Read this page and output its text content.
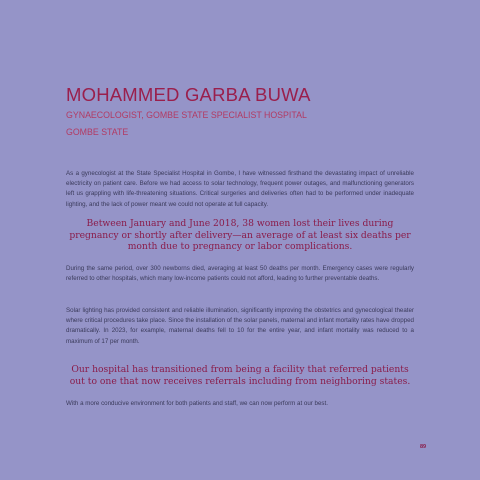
MOHAMMED GARBA BUWA
GYNAECOLOGIST, GOMBE STATE SPECIALIST HOSPITAL
GOMBE STATE

As a gynecologist at the State Specialist Hospital in Gombe, I have witnessed firsthand the devastating impact of unreliable electricity on patient care. Before we had access to solar technology, frequent power outages, and malfunctioning generators left us grappling with life-threatening situations. Critical surgeries and deliveries often had to be performed under inadequate lighting, and the lack of power meant we could not operate at full capacity.

Between January and June 2018, 38 women lost their lives during pregnancy or shortly after delivery—an average of at least six deaths per month due to pregnancy or labor complications.

During the same period, over 300 newborns died, averaging at least 50 deaths per month. Emergency cases were regularly referred to other hospitals, which many low-income patients could not afford, leading to further preventable deaths.

Solar lighting has provided consistent and reliable illumination, significantly improving the obstetrics and gynecological theater where critical procedures take place. Since the installation of the solar panels, maternal and infant mortality rates have dropped dramatically. In 2023, for example, maternal deaths fell to 10 for the entire year, and infant mortality was reduced to a maximum of 17 per month.

Our hospital has transitioned from being a facility that referred patients out to one that now receives referrals including from neighboring states.

With a more conducive environment for both patients and staff, we can now perform at our best.

89
